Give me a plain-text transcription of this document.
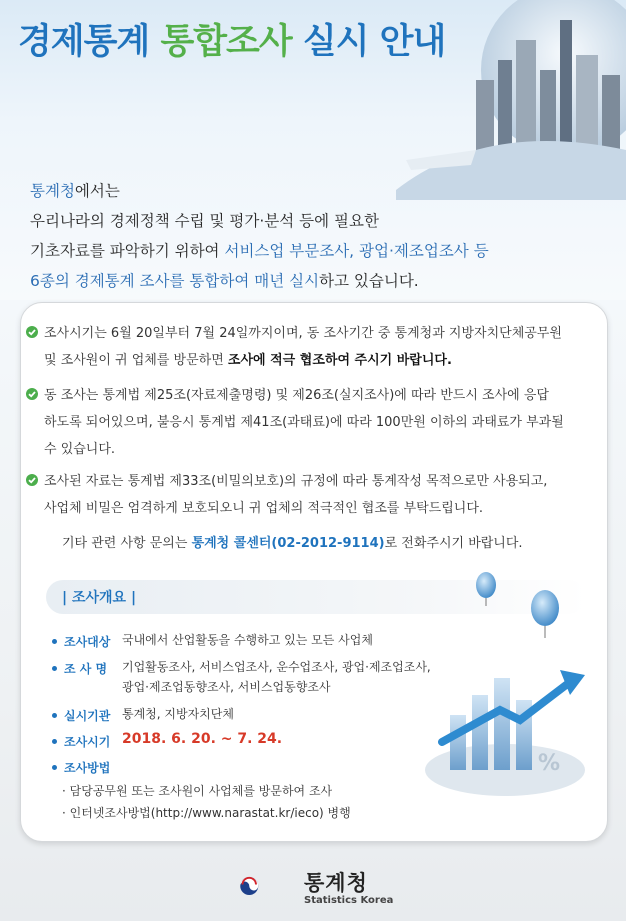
경제통계 통합조사 실시 안내
통계청에서는
우리나라의 경제정책 수립 및 평가·분석 등에 필요한
기초자료를 파악하기 위하여 서비스업 부문조사, 광업·제조업조사 등
6종의 경제통계 조사를 통합하여 매년 실시하고 있습니다.
조사시기는 6월 20일부터 7월 24일까지이며, 동 조사기간 중 통계청과 지방자치단체공무원
및 조사원이 귀 업체를 방문하면 조사에 적극 협조하여 주시기 바랍니다.
동 조사는 통계법 제25조(자료제출명령) 및 제26조(실지조사)에 따라 반드시 조사에 응답
하도록 되어있으며, 불응시 통계법 제41조(과태료)에 따라 100만원 이하의 과태료가 부과될
수 있습니다.
조사된 자료는 통계법 제33조(비밀의보호)의 규정에 따라 통계작성 목적으로만 사용되고,
사업체 비밀은 엄격하게 보호되오니 귀 업체의 적극적인 협조를 부탁드립니다.
기타 관련 사항 문의는 통계청 콜센터(02-2012-9114)로 전화주시기 바랍니다.
| 조사개요 |
조사대상 국내에서 산업활동을 수행하고 있는 모든 사업체
조 사 명 기업활동조사, 서비스업조사, 운수업조사, 광업·제조업조사,
광업·제조업동향조사, 서비스업동향조사
실시기관 통계청, 지방자치단체
조사시기 2018. 6. 20. ~ 7. 24.
조사방법
· 담당공무원 또는 조사원이 사업체를 방문하여 조사
· 인터넷조사방법(http://www.narastat.kr/ieco) 병행
%
통계청
Statistics Korea
